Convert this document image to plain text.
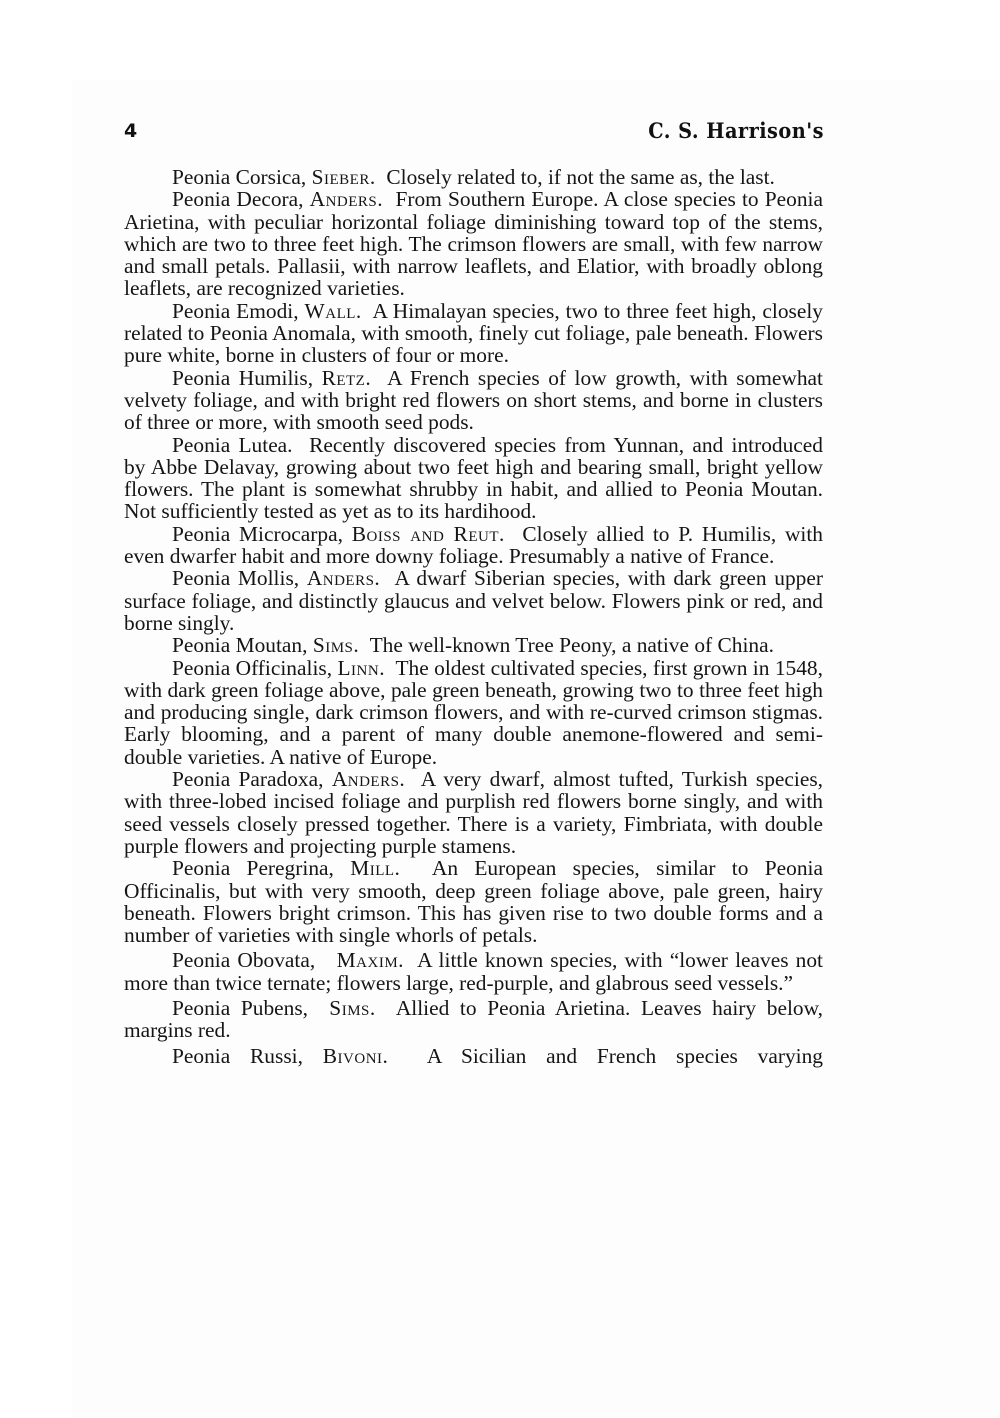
4	C. S. Harrison's

Peonia Corsica, Sieber. Closely related to, if not the same as, the last.

Peonia Decora, Anders. From Southern Europe. A close species to Peonia Arietina, with peculiar horizontal foliage diminishing toward top of the stems, which are two to three feet high. The crimson flowers are small, with few narrow and small petals. Pallasii, with narrow leaflets, and Elatior, with broadly oblong leaflets, are recognized varieties.

Peonia Emodi, Wall. A Himalayan species, two to three feet high, closely related to Peonia Anomala, with smooth, finely cut foliage, pale beneath. Flowers pure white, borne in clusters of four or more.

Peonia Humilis, Retz. A French species of low growth, with somewhat velvety foliage, and with bright red flowers on short stems, and borne in clusters of three or more, with smooth seed pods.

Peonia Lutea. Recently discovered species from Yunnan, and introduced by Abbe Delavay, growing about two feet high and bearing small, bright yellow flowers. The plant is somewhat shrubby in habit, and allied to Peonia Moutan. Not sufficiently tested as yet as to its hardihood.

Peonia Microcarpa, Boiss and Reut. Closely allied to P. Humilis, with even dwarfer habit and more downy foliage. Presumably a native of France.

Peonia Mollis, Anders. A dwarf Siberian species, with dark green upper surface foliage, and distinctly glaucus and velvet below. Flowers pink or red, and borne singly.

Peonia Moutan, Sims. The well-known Tree Peony, a native of China.

Peonia Officinalis, Linn. The oldest cultivated species, first grown in 1548, with dark green foliage above, pale green beneath, growing two to three feet high and producing single, dark crimson flowers, and with re-curved crimson stigmas. Early blooming, and a parent of many double anemone-flowered and semi-double varieties. A native of Europe.

Peonia Paradoxa, Anders. A very dwarf, almost tufted, Turkish species, with three-lobed incised foliage and purplish red flowers borne singly, and with seed vessels closely pressed together. There is a variety, Fimbriata, with double purple flowers and projecting purple stamens.

Peonia Peregrina, Mill. An European species, similar to Peonia Officinalis, but with very smooth, deep green foliage above, pale green, hairy beneath. Flowers bright crimson. This has given rise to two double forms and a number of varieties with single whorls of petals.

Peonia Obovata, Maxim. A little known species, with “lower leaves not more than twice ternate; flowers large, red-purple, and glabrous seed vessels.”

Peonia Pubens, Sims. Allied to Peonia Arietina. Leaves hairy below, margins red.

Peonia Russi, Bivoni. A Sicilian and French species varying
